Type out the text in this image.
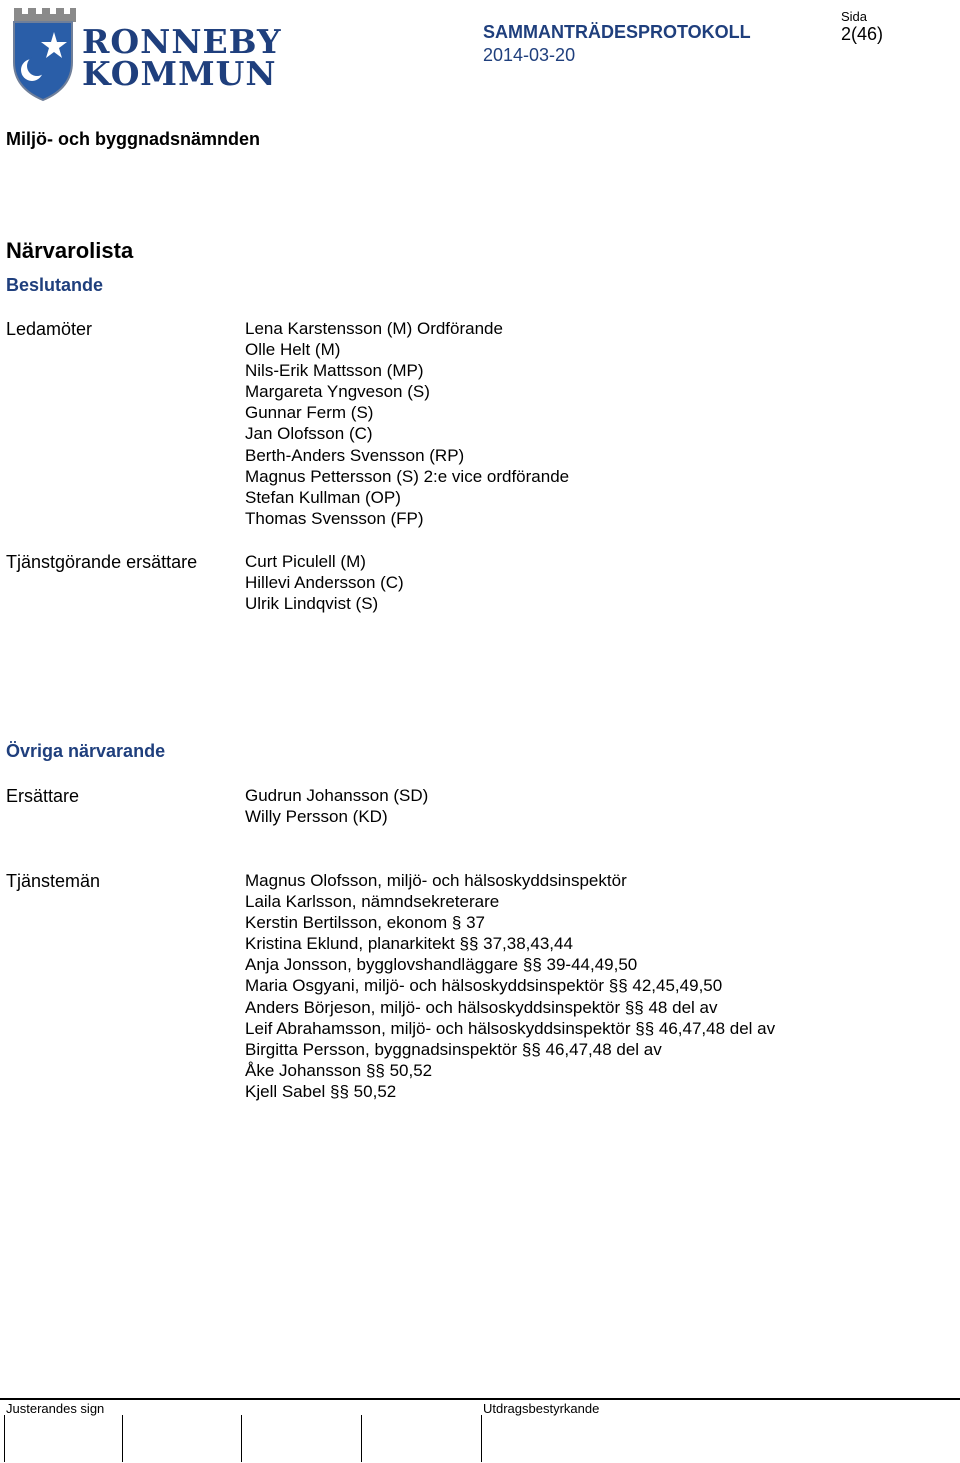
RONNEBY
KOMMUN
SAMMANTRÄDESPROTOKOLL
2014-03-20
Sida
2(46)
Miljö- och byggnadsnämnden
Närvarolista
Beslutande
Ledamöter	Lena Karstensson (M) Ordförande
Olle Helt (M)
Nils-Erik Mattsson (MP)
Margareta Yngveson (S)
Gunnar Ferm (S)
Jan Olofsson (C)
Berth-Anders Svensson (RP)
Magnus Pettersson (S) 2:e vice ordförande
Stefan Kullman (OP)
Thomas Svensson (FP)
Tjänstgörande ersättare	Curt Piculell (M)
Hillevi Andersson (C)
Ulrik Lindqvist (S)
Övriga närvarande
Ersättare	Gudrun Johansson (SD)
Willy Persson (KD)
Tjänstemän	Magnus Olofsson, miljö- och hälsoskyddsinspektör
Laila Karlsson, nämndsekreterare
Kerstin Bertilsson, ekonom § 37
Kristina Eklund, planarkitekt §§ 37,38,43,44
Anja Jonsson, bygglovshandläggare §§ 39-44,49,50
Maria Osgyani, miljö- och hälsoskyddsinspektör §§ 42,45,49,50
Anders Börjeson, miljö- och hälsoskyddsinspektör §§ 48 del av
Leif Abrahamsson, miljö- och hälsoskyddsinspektör §§ 46,47,48 del av
Birgitta Persson, byggnadsinspektör §§ 46,47,48 del av
Åke Johansson §§ 50,52
Kjell Sabel §§ 50,52
Justerandes sign	Utdragsbestyrkande
